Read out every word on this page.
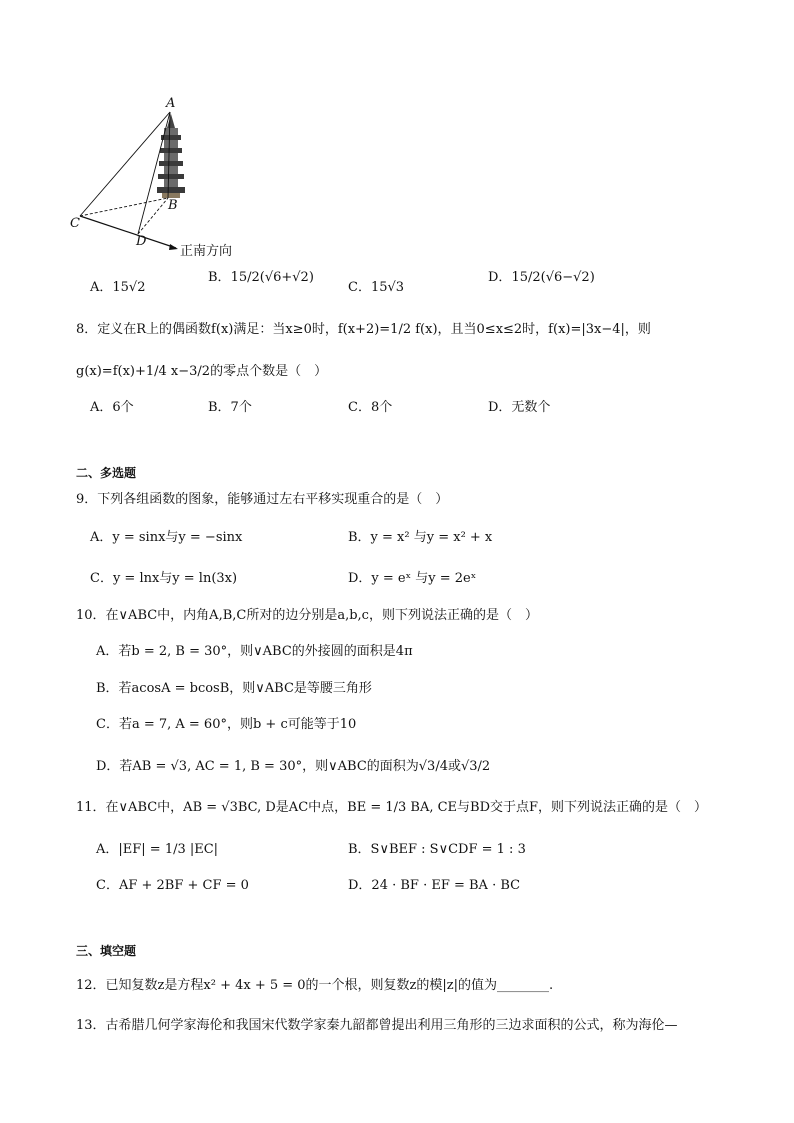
A
B
C
D
正南方向
A．15√2
B．15/2(√6+√2)
C．15√3
D．15/2(√6−√2)
8．定义在R上的偶函数f(x)满足：当x≥0时，f(x+2)=1/2 f(x)，且当0≤x≤2时，f(x)=|3x−4|，则
g(x)=f(x)+1/4 x−3/2的零点个数是（　）
A．6个	B．7个	C．8个	D．无数个
二、多选题
9．下列各组函数的图象，能够通过左右平移实现重合的是（　）
A．y = sinx与y = −sinx	B．y = x² 与y = x² + x
C．y = lnx与y = ln(3x)	D．y = eˣ 与y = 2eˣ
10．在∨ABC中，内角A,B,C所对的边分别是a,b,c，则下列说法正确的是（　）
A．若b = 2, B = 30°，则∨ABC的外接圆的面积是4π
B．若acosA = bcosB，则∨ABC是等腰三角形
C．若a = 7, A = 60°，则b + c可能等于10
D．若AB = √3, AC = 1, B = 30°，则∨ABC的面积为√3/4或√3/2
11．在∨ABC中，AB = √3BC, D是AC中点，BE = 1/3 BA, CE与BD交于点F，则下列说法正确的是（　）
A．|EF| = 1/3 |EC|	B．S∨BEF : S∨CDF = 1 : 3
C．AF + 2BF + CF = 0	D．24 · BF · EF = BA · BC
三、填空题
12．已知复数z是方程x² + 4x + 5 = 0的一个根，则复数z的模|z|的值为________.
13．古希腊几何学家海伦和我国宋代数学家秦九韶都曾提出利用三角形的三边求面积的公式，称为海伦—
